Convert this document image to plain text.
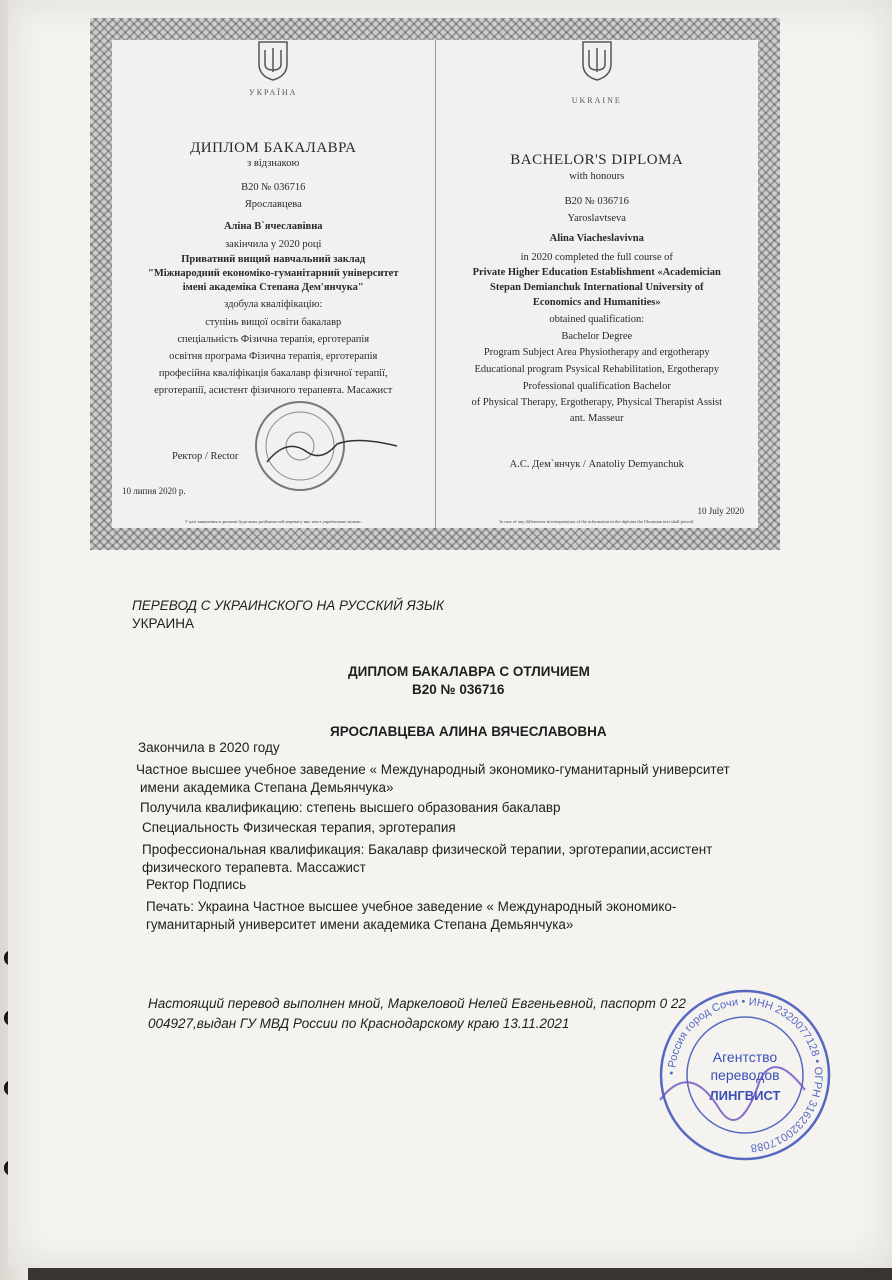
УКРАЇНА
ДИПЛОМ БАКАЛАВРА
з відзнакою
B20 № 036716
Ярославцева
Аліна В`ячеславівна
закінчила у 2020 році
Приватний вищий навчальний заклад
"Міжнародний економіко-гуманітарний університет
імені академіка Степана Дем'янчука"
здобула кваліфікацію:
ступінь вищої освіти бакалавр
спеціальність Фізична терапія, ерготерапія
освітня програма Фізична терапія, ерготерапія
професійна кваліфікація бакалавр фізичної терапії,
ерготерапії, асистент фізичного терапевта. Масажист
Ректор / Rector
10 липня 2020 р.
У разі виявлення в дипломі будь-яких розбіжностей перевагу має текст українською мовою.
UKRAINE
BACHELOR'S DIPLOMA
with honours
B20 № 036716
Yaroslavtseva
Alina Viacheslavivna
in 2020 completed the full course of
Private Higher Education Establishment «Academician
Stepan Demianchuk International University of
Economics and Humanities»
obtained qualification:
Bachelor Degree
Program Subject Area Physiotherapy and ergotherapy
Educational program Psysical Rehabilitation, Ergotherapy
Professional qualification Bachelor
of Physical Therapy, Ergotherapy, Physical Therapist Assist
ant. Masseur
А.С. Дем`янчук / Anatoliy Demyanchuk
10 July 2020
In case of any differences in interpretation of the information in the diploma the Ukrainian text shall prevail.
ПЕРЕВОД С УКРАИНСКОГО НА РУССКИЙ ЯЗЫК
УКРАИНА
ДИПЛОМ БАКАЛАВРА С ОТЛИЧИЕМ
B20 № 036716
ЯРОСЛАВЦЕВА АЛИНА ВЯЧЕСЛАВОВНА
Закончила в 2020 году
Частное высшее учебное заведение « Международный экономико-гуманитарный университет
имени академика Степана Демьянчука»
Получила квалификацию: степень высшего образования бакалавр
Специальность Физическая терапия, эрготерапия
Профессиональная квалификация: Бакалавр физической терапии, эрготерапии,ассистент
физического терапевта. Массажист
Ректор Подпись
Печать: Украина Частное высшее учебное заведение « Международный экономико-
гуманитарный университет имени академика Степана Демьянчука»
Настоящий перевод выполнен мной, Маркеловой Нелей Евгеньевной, паспорт 0 22
004927,выдан ГУ МВД России по Краснодарскому краю 13.11.2021
• Россия город Сочи • ИНН 2320077128 • ОГРН 3162320017088
Агентство
переводов
ЛИНГВИСТ
